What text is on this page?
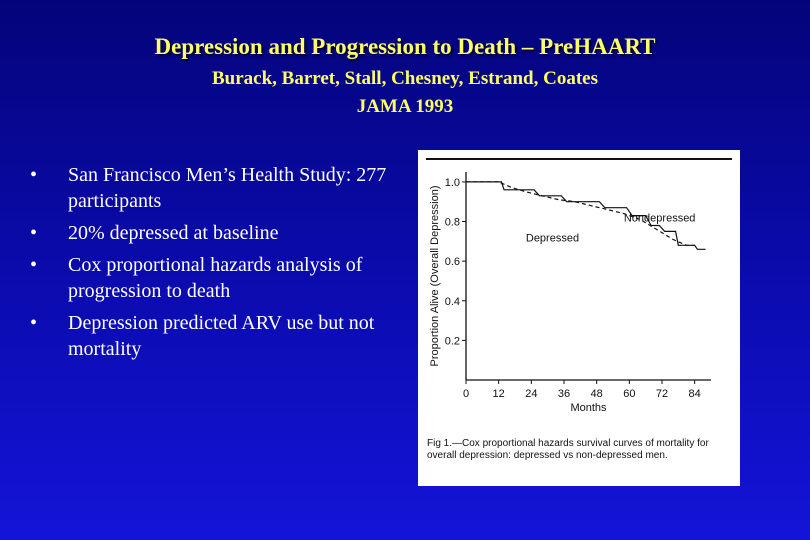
Depression and Progression to Death – PreHAART
Burack, Barret, Stall, Chesney, Estrand, Coates
JAMA 1993
• San Francisco Men’s Health Study: 277 participants
• 20% depressed at baseline
• Cox proportional hazards analysis of progression to death
• Depression predicted ARV use but not mortality	0.2
0.4
0.6
0.8
1.0
0 12 24 36 48 60 72 84
Months
Proportion Alive (Overall Depression)	Nondepressed
Depressed
Fig 1.—Cox proportional hazards survival curves of mortality for overall depression: depressed vs non-depressed men.
